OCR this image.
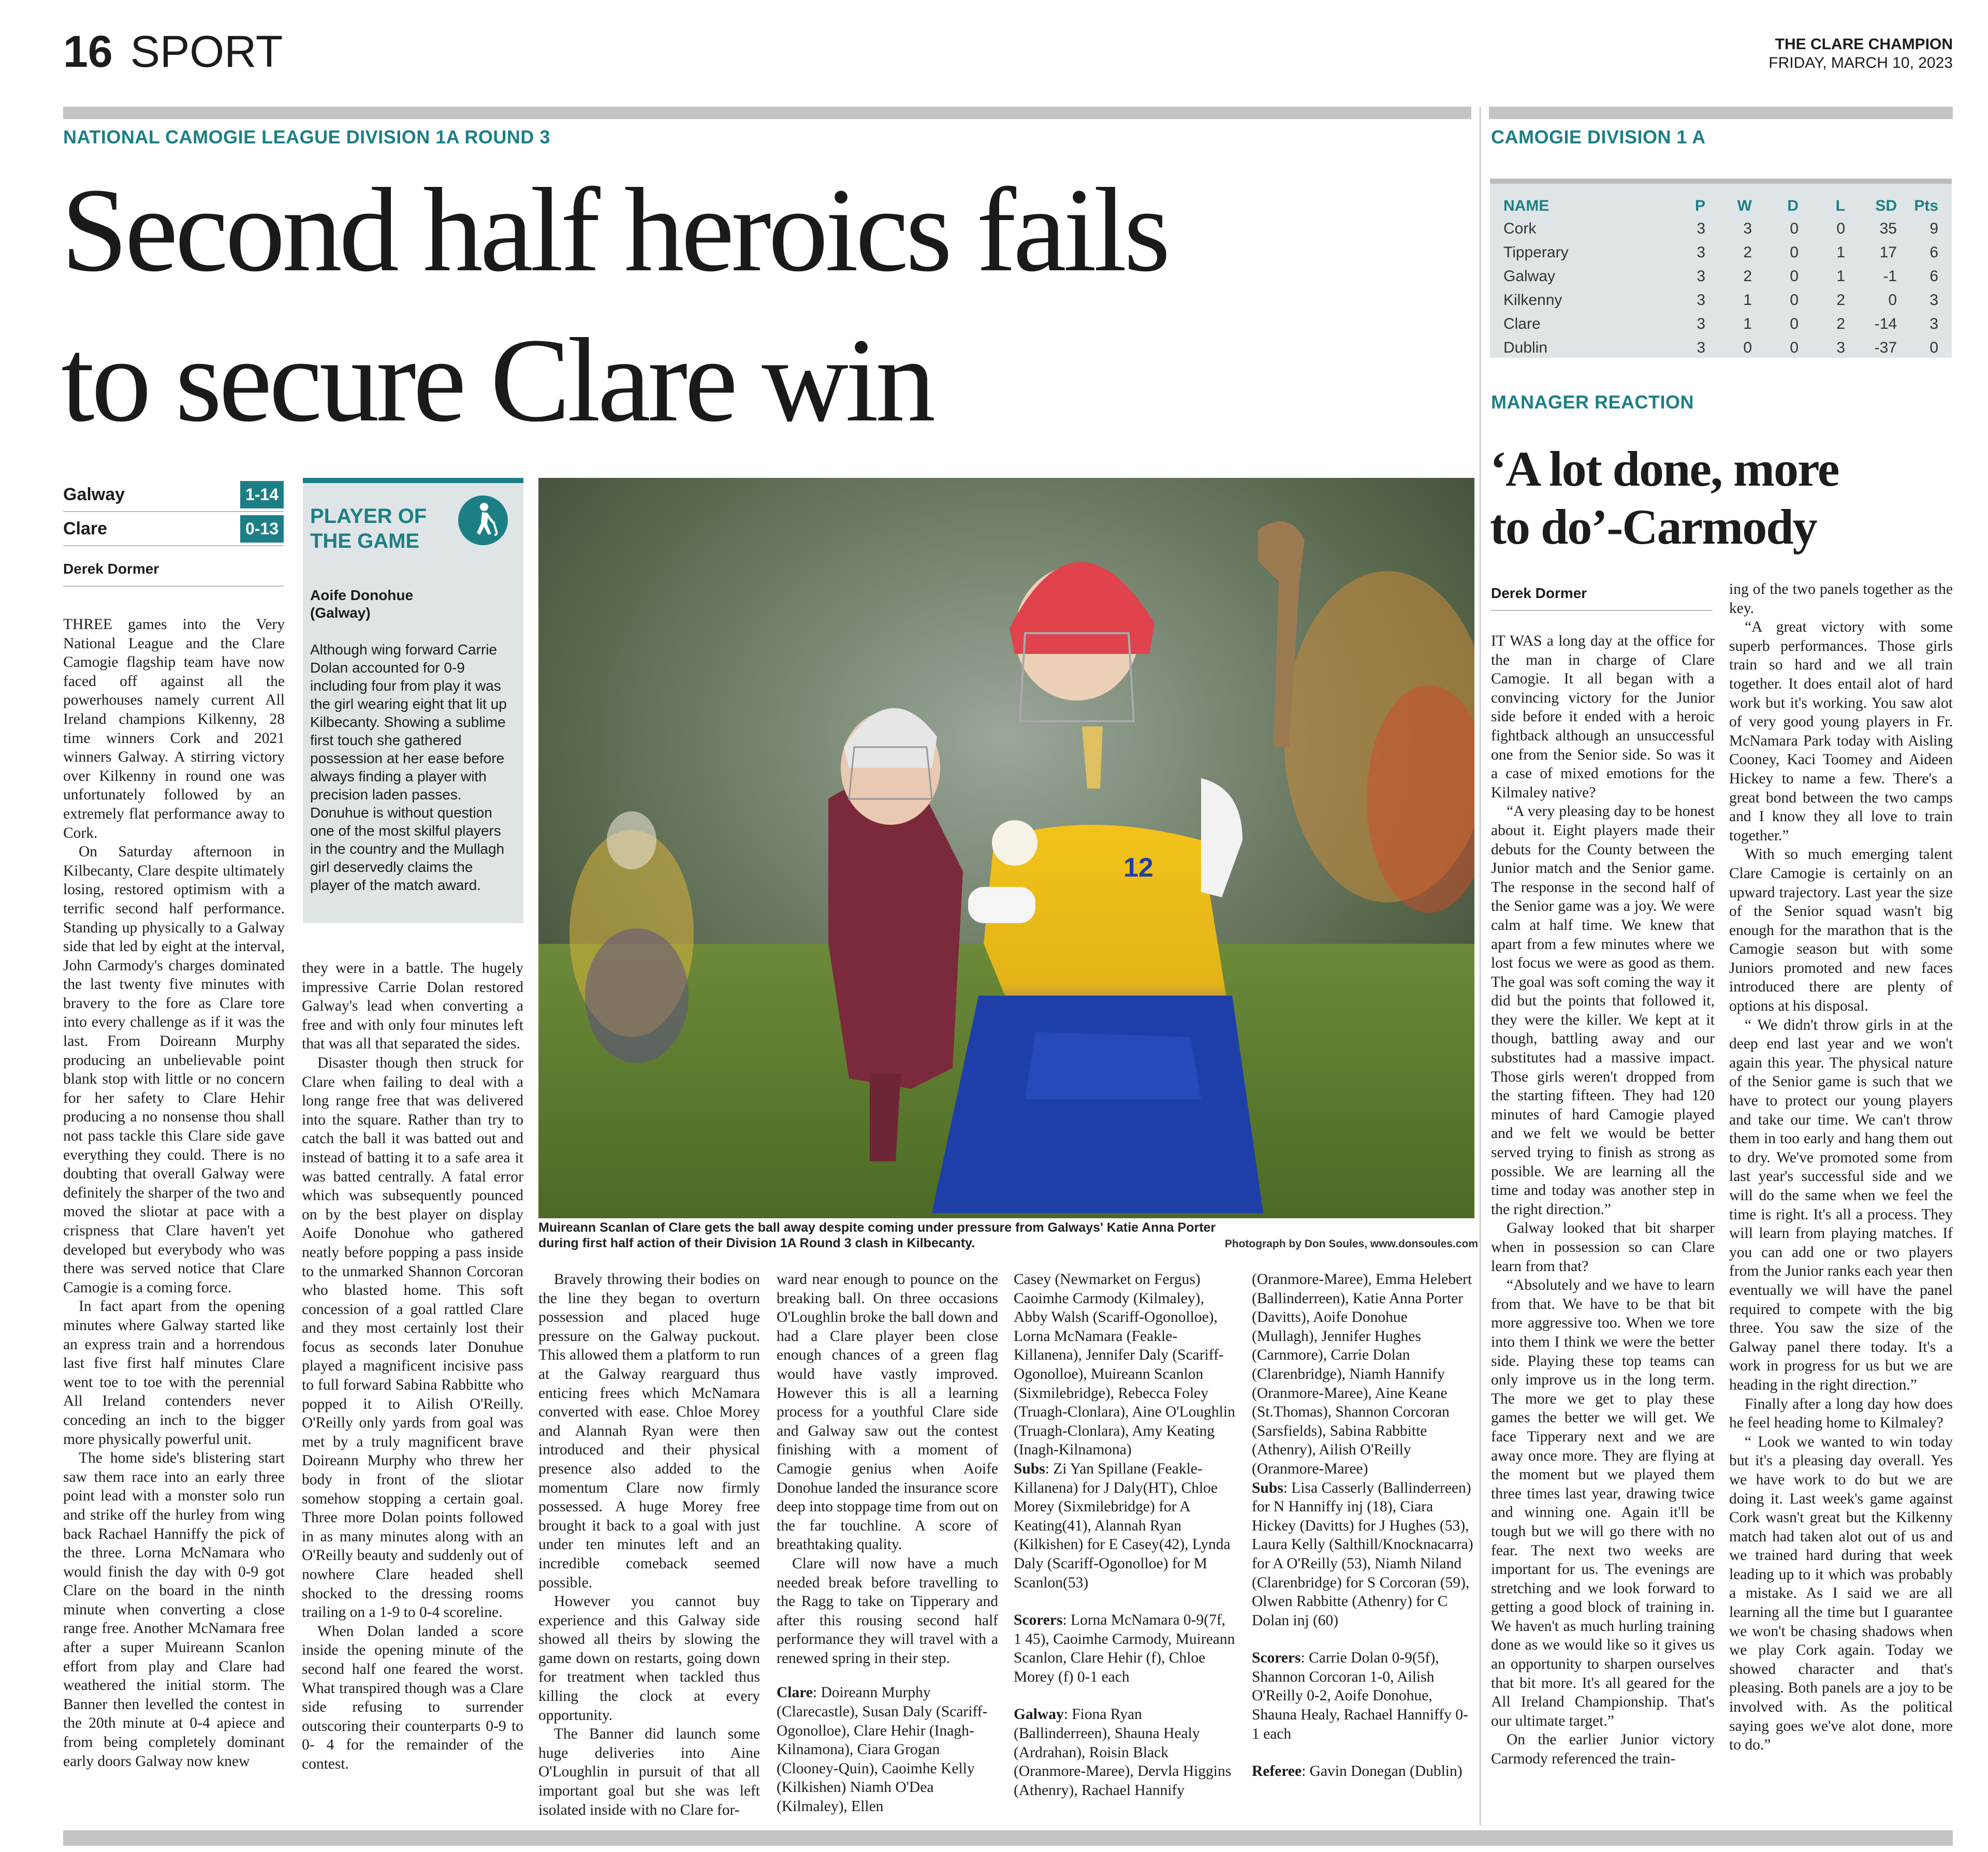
16 SPORT	THE CLARE CHAMPION
FRIDAY, MARCH 10, 2023
NATIONAL CAMOGIE LEAGUE DIVISION 1A ROUND 3
Second half heroics fails
to secure Clare win
Galway	1-14
Clare	0-13
Derek Dormer

THREE games into the Very National League and the Clare Camogie flagship team have now faced off against all the powerhouses namely current All Ireland champions Kilkenny, 28 time winners Cork and 2021 winners Galway. A stirring victory over Kilkenny in round one was unfortunately followed by an extremely flat performance away to Cork.

On Saturday afternoon in Kilbecanty, Clare despite ultimately losing, restored optimism with a terrific second half performance. Standing up physically to a Galway side that led by eight at the interval, John Carmody's charges dominated the last twenty five minutes with bravery to the fore as Clare tore into every challenge as if it was the last. From Doireann Murphy producing an unbelievable point blank stop with little or no concern for her safety to Clare Hehir producing a no nonsense thou shall not pass tackle this Clare side gave everything they could. There is no doubting that overall Galway were definitely the sharper of the two and moved the sliotar at pace with a crispness that Clare haven't yet developed but everybody who was there was served notice that Clare Camogie is a coming force.

In fact apart from the opening minutes where Galway started like an express train and a horrendous last five first half minutes Clare went toe to toe with the perennial All Ireland contenders never conceding an inch to the bigger more physically powerful unit.

The home side's blistering start saw them race into an early three point lead with a monster solo run and strike off the hurley from wing back Rachael Hanniffy the pick of the three. Lorna McNamara who would finish the day with 0-9 got Clare on the board in the ninth minute when converting a close range free. Another McNamara free after a super Muireann Scanlon effort from play and Clare had weathered the initial storm. The Banner then levelled the contest in the 20th minute at 0-4 apiece and from being completely dominant early doors Galway now knew

PLAYER OF
THE GAME
Aoife Donohue
(Galway)
Although wing forward Carrie Dolan accounted for 0-9 including four from play it was the girl wearing eight that lit up Kilbecanty. Showing a sublime first touch she gathered possession at her ease before always finding a player with precision laden passes. Donuhue is without question one of the most skilful players in the country and the Mullagh girl deservedly claims the player of the match award.

they were in a battle. The hugely impressive Carrie Dolan restored Galway's lead when converting a free and with only four minutes left that was all that separated the sides.

Disaster though then struck for Clare when failing to deal with a long range free that was delivered into the square. Rather than try to catch the ball it was batted out and instead of batting it to a safe area it was batted centrally. A fatal error which was subsequently pounced on by the best player on display Aoife Donohue who gathered neatly before popping a pass inside to the unmarked Shannon Corcoran who blasted home. This soft concession of a goal rattled Clare and they most certainly lost their focus as seconds later Donuhue played a magnificent incisive pass to full forward Sabina Rabbitte who popped it to Ailish O'Reilly. O'Reilly only yards from goal was met by a truly magnificent brave Doireann Murphy who threw her body in front of the sliotar somehow stopping a certain goal. Three more Dolan points followed in as many minutes along with an O'Reilly beauty and suddenly out of nowhere Clare headed shell shocked to the dressing rooms trailing on a 1-9 to 0-4 scoreline.

When Dolan landed a score inside the opening minute of the second half one feared the worst. What transpired though was a Clare side refusing to surrender outscoring their counterparts 0-9 to 0- 4 for the remainder of the contest.

12
Muireann Scanlan of Clare gets the ball away despite coming under pressure from Galways' Katie Anna Porter during first half action of their Division 1A Round 3 clash in Kilbecanty.	Photograph by Don Soules, www.donsoules.com

Bravely throwing their bodies on the line they began to overturn possession and placed huge pressure on the Galway puckout. This allowed them a platform to run at the Galway rearguard thus enticing frees which McNamara converted with ease. Chloe Morey and Alannah Ryan were then introduced and their physical presence also added to the momentum Clare now firmly possessed. A huge Morey free brought it back to a goal with just under ten minutes left and an incredible comeback seemed possible.

However you cannot buy experience and this Galway side showed all theirs by slowing the game down on restarts, going down for treatment when tackled thus killing the clock at every opportunity.

The Banner did launch some huge deliveries into Aine O'Loughlin in pursuit of that all important goal but she was left isolated inside with no Clare for-

ward near enough to pounce on the breaking ball. On three occasions O'Loughlin broke the ball down and had a Clare player been close enough chances of a green flag would have vastly improved. However this is all a learning process for a youthful Clare side and Galway saw out the contest finishing with a moment of Camogie genius when Aoife Donohue landed the insurance score deep into stoppage time from out on the far touchline. A score of breathtaking quality.

Clare will now have a much needed break before travelling to the Ragg to take on Tipperary and after this rousing second half performance they will travel with a renewed spring in their step.

Clare: Doireann Murphy (Clarecastle), Susan Daly (Scariff-Ogonolloe), Clare Hehir (Inagh-Kilnamona), Ciara Grogan (Clooney-Quin), Caoimhe Kelly (Kilkishen) Niamh O'Dea (Kilmaley), Ellen

Casey (Newmarket on Fergus) Caoimhe Carmody (Kilmaley), Abby Walsh (Scariff-Ogonolloe), Lorna McNamara (Feakle-Killanena), Jennifer Daly (Scariff-Ogonolloe), Muireann Scanlon (Sixmilebridge), Rebecca Foley (Truagh-Clonlara), Aine O'Loughlin (Truagh-Clonlara), Amy Keating (Inagh-Kilnamona)

Subs: Zi Yan Spillane (Feakle-Killanena) for J Daly(HT), Chloe Morey (Sixmilebridge) for A Keating(41), Alannah Ryan (Kilkishen) for E Casey(42), Lynda Daly (Scariff-Ogonolloe) for M Scanlon(53)

Scorers: Lorna McNamara 0-9(7f, 1 45), Caoimhe Carmody, Muireann Scanlon, Clare Hehir (f), Chloe Morey (f) 0-1 each

Galway: Fiona Ryan (Ballinderreen), Shauna Healy (Ardrahan), Roisin Black (Oranmore-Maree), Dervla Higgins (Athenry), Rachael Hannify

(Oranmore-Maree), Emma Helebert (Ballinderreen), Katie Anna Porter (Davitts), Aoife Donohue (Mullagh), Jennifer Hughes (Carnmore), Carrie Dolan (Clarenbridge), Niamh Hannify (Oranmore-Maree), Aine Keane (St.Thomas), Shannon Corcoran (Sarsfields), Sabina Rabbitte (Athenry), Ailish O'Reilly (Oranmore-Maree)

Subs: Lisa Casserly (Ballinderreen) for N Hanniffy inj (18), Ciara Hickey (Davitts) for J Hughes (53), Laura Kelly (Salthill/Knocknacarra) for A O'Reilly (53), Niamh Niland (Clarenbridge) for S Corcoran (59), Olwen Rabbitte (Athenry) for C Dolan inj (60)

Scorers: Carrie Dolan 0-9(5f), Shannon Corcoran 1-0, Ailish O'Reilly 0-2, Aoife Donohue, Shauna Healy, Rachael Hanniffy 0-1 each

Referee: Gavin Donegan (Dublin)

CAMOGIE DIVISION 1 A
NAME	P	W	D	L	SD	Pts
Cork	3	3	0	0	35	9
Tipperary	3	2	0	1	17	6
Galway	3	2	0	1	-1	6
Kilkenny	3	1	0	2	0	3
Clare	3	1	0	2	-14	3
Dublin	3	0	0	3	-37	0
MANAGER REACTION
‘A lot done, more
to do’-Carmody
Derek Dormer

IT WAS a long day at the office for the man in charge of Clare Camogie. It all began with a convincing victory for the Junior side before it ended with a heroic fightback although an unsuccessful one from the Senior side. So was it a case of mixed emotions for the Kilmaley native?

“A very pleasing day to be honest about it. Eight players made their debuts for the County between the Junior match and the Senior game. The response in the second half of the Senior game was a joy. We were calm at half time. We knew that apart from a few minutes where we lost focus we were as good as them. The goal was soft coming the way it did but the points that followed it, they were the killer. We kept at it though, battling away and our substitutes had a massive impact. Those girls weren't dropped from the starting fifteen. They had 120 minutes of hard Camogie played and we felt we would be better served trying to finish as strong as possible. We are learning all the time and today was another step in the right direction.”

Galway looked that bit sharper when in possession so can Clare learn from that?

“Absolutely and we have to learn from that. We have to be that bit more aggressive too. When we tore into them I think we were the better side. Playing these top teams can only improve us in the long term. The more we get to play these games the better we will get. We face Tipperary next and we are away once more. They are flying at the moment but we played them three times last year, drawing twice and winning one. Again it'll be tough but we will go there with no fear. The next two weeks are important for us. The evenings are stretching and we look forward to getting a good block of training in. We haven't as much hurling training done as we would like so it gives us an opportunity to sharpen ourselves that bit more. It's all geared for the All Ireland Championship. That's our ultimate target.”

On the earlier Junior victory Carmody referenced the train-

ing of the two panels together as the key.

“A great victory with some superb performances. Those girls train so hard and we all train together. It does entail alot of hard work but it's working. You saw alot of very good young players in Fr. McNamara Park today with Aisling Cooney, Kaci Toomey and Aideen Hickey to name a few. There's a great bond between the two camps and I know they all love to train together.”

With so much emerging talent Clare Camogie is certainly on an upward trajectory. Last year the size of the Senior squad wasn't big enough for the marathon that is the Camogie season but with some Juniors promoted and new faces introduced there are plenty of options at his disposal.

“ We didn't throw girls in at the deep end last year and we won't again this year. The physical nature of the Senior game is such that we have to protect our young players and take our time. We can't throw them in too early and hang them out to dry. We've promoted some from last year's successful side and we will do the same when we feel the time is right. It's all a process. They will learn from playing matches. If you can add one or two players from the Junior ranks each year then eventually we will have the panel required to compete with the big three. You saw the size of the Galway panel there today. It's a work in progress for us but we are heading in the right direction.”

Finally after a long day how does he feel heading home to Kilmaley?

“ Look we wanted to win today but it's a pleasing day overall. Yes we have work to do but we are doing it. Last week's game against Cork wasn't great but the Kilkenny match had taken alot out of us and we trained hard during that week leading up to it which was probably a mistake. As I said we are all learning all the time but I guarantee we won't be chasing shadows when we play Cork again. Today we showed character and that's pleasing. Both panels are a joy to be involved with. As the political saying goes we've alot done, more to do.”
